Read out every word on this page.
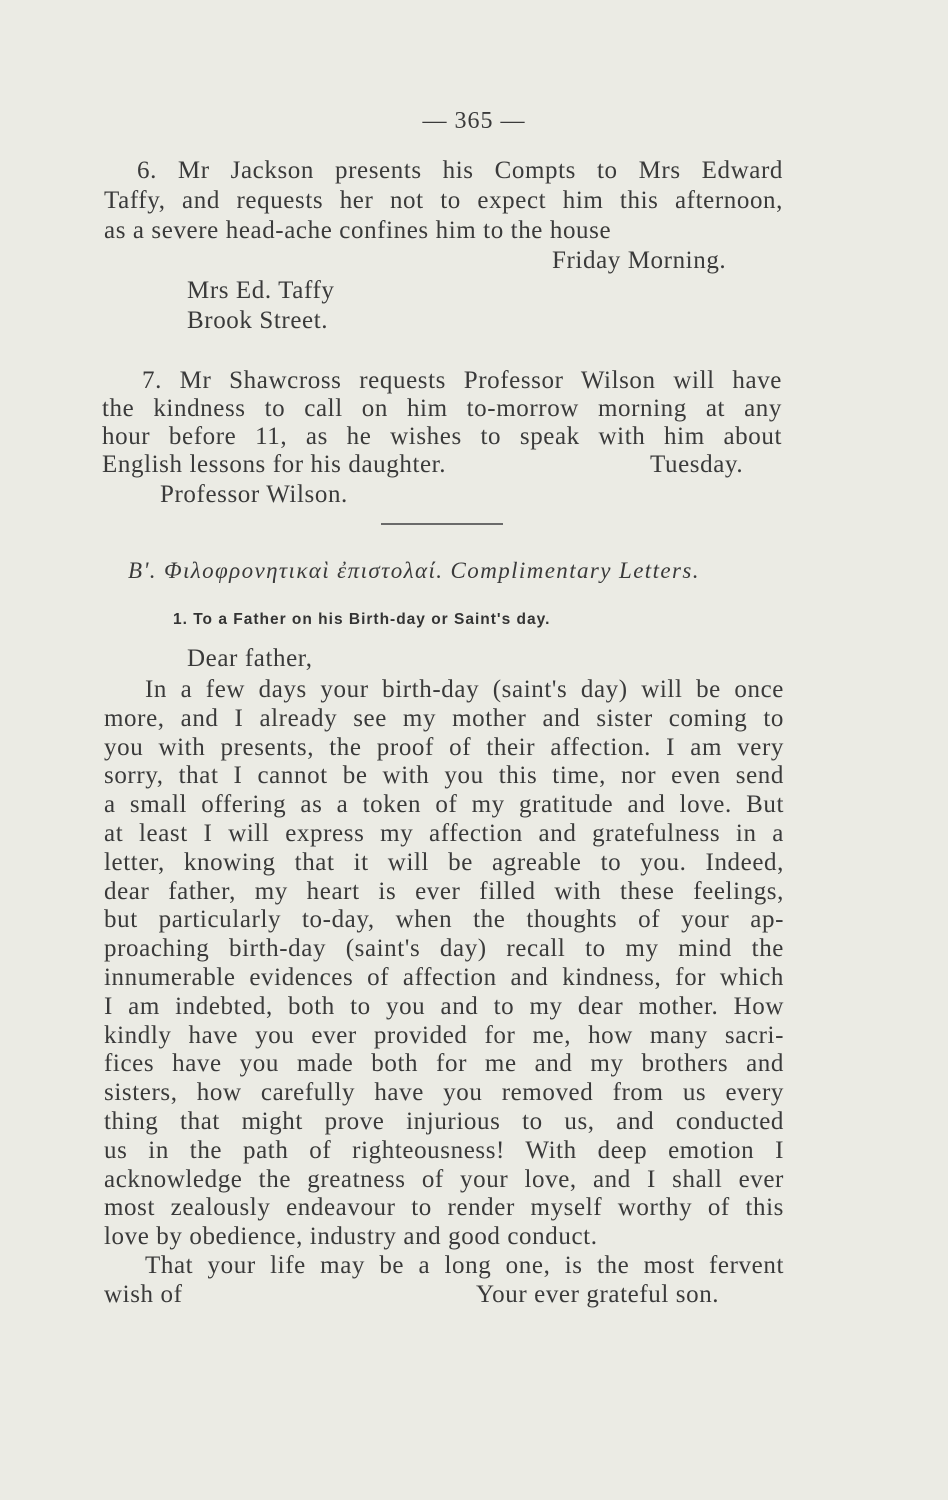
— 365 —
6. Mr Jackson presents his Compts to Mrs Edward
Taffy, and requests her not to expect him this afternoon,
as a severe head-ache confines him to the house
Friday Morning.
Mrs Ed. Taffy
Brook Street.
7. Mr Shawcross requests Professor Wilson will have
the kindness to call on him to-morrow morning at any
hour before 11, as he wishes to speak with him about
English lessons for his daughter.	Tuesday.
Professor Wilson.
Β'. Φιλοφρονητικαὶ ἐπιστολαί. Complimentary Letters.
1. To a Father on his Birth-day or Saint's day.
Dear father,
In a few days your birth-day (saint's day) will be once
more, and I already see my mother and sister coming to
you with presents, the proof of their affection. I am very
sorry, that I cannot be with you this time, nor even send
a small offering as a token of my gratitude and love. But
at least I will express my affection and gratefulness in a
letter, knowing that it will be agreable to you. Indeed,
dear father, my heart is ever filled with these feelings,
but particularly to-day, when the thoughts of your ap-
proaching birth-day (saint's day) recall to my mind the
innumerable evidences of affection and kindness, for which
I am indebted, both to you and to my dear mother. How
kindly have you ever provided for me, how many sacri-
fices have you made both for me and my brothers and
sisters, how carefully have you removed from us every
thing that might prove injurious to us, and conducted
us in the path of righteousness! With deep emotion I
acknowledge the greatness of your love, and I shall ever
most zealously endeavour to render myself worthy of this
love by obedience, industry and good conduct.
That your life may be a long one, is the most fervent
wish of	Your ever grateful son.
